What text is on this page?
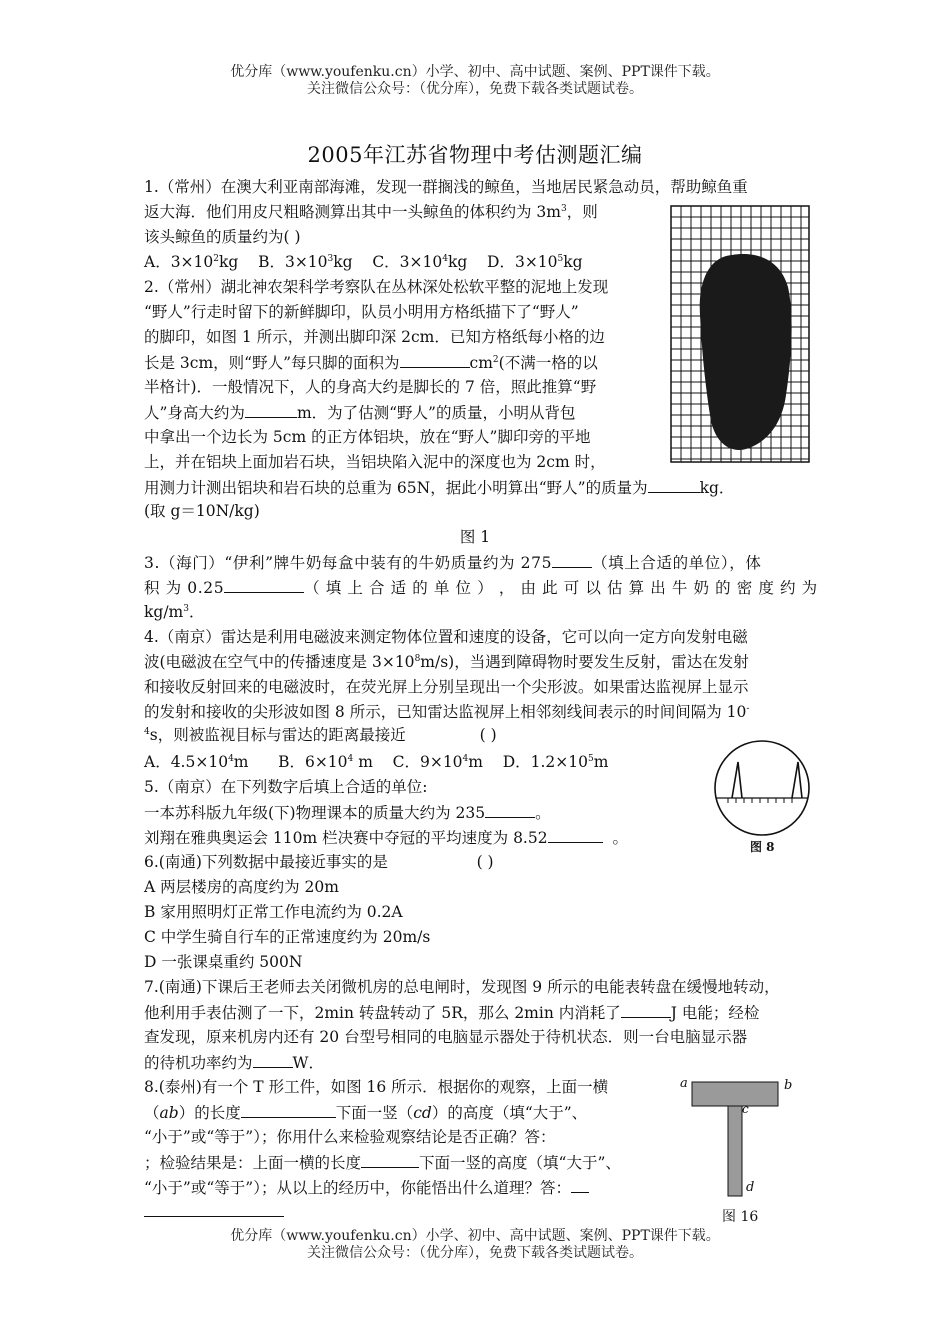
优分库（www.youfenku.cn）小学、初中、高中试题、案例、PPT课件下载。
关注微信公众号：（优分库），免费下载各类试题试卷。
2005年江苏省物理中考估测题汇编
1.（常州）在澳大利亚南部海滩，发现一群搁浅的鲸鱼，当地居民紧急动员，帮助鲸鱼重
返大海．他们用皮尺粗略测算出其中一头鲸鱼的体积约为 $3m^3$，则
该头鲸鱼的质量约为( )
A．$3\times 10^2kg$ B．$3\times 10^3kg$ C．$3\times 10^4kg$ D．$3\times 10^5kg$
2.（常州）湖北神农架科学考察队在丛林深处松软平整的泥地上发现
“野人”行走时留下的新鲜脚印，队员小明用方格纸描下了“野人”
的脚印，如图 1 所示，并测出脚印深 2cm．已知方格纸每小格的边
长是 3cm，则“野人”每只脚的面积为	$cm^2$(不满一格的以
半格计)．一般情况下，人的身高大约是脚长的 7 倍，照此推算“野
人”身高大约为	m．为了估测“野人”的质量，小明从背包
中拿出一个边长为 5cm 的正方体铝块，放在“野人”脚印旁的平地
上，并在铝块上面加岩石块，当铝块陷入泥中的深度也为 2cm 时，
用测力计测出铝块和岩石块的总重为 65N，据此小明算出“野人”的质量为	kg．
(取 g＝10N/kg)
图 1
3.（海门）“伊利”牌牛奶每盒中装有的牛奶质量约为 275	（填上合适的单位），体
积 为 0.25	（ 填 上 合 适 的 单 位 ） ， 由 此 可 以 估 算 出 牛 奶 的 密 度 约 为
$kg/m^3$．
4.（南京）雷达是利用电磁波来测定物体位置和速度的设备，它可以向一定方向发射电磁
波(电磁波在空气中的传播速度是 $3\times 10^8m/s$)，当遇到障碍物时要发生反射，雷达在发射
和接收反射回来的电磁波时，在荧光屏上分别呈现出一个尖形波。如果雷达监视屏上显示
的发射和接收的尖形波如图 8 所示，已知雷达监视屏上相邻刻线间表示的时间间隔为 10-
$^4$s，则被监视目标与雷达的距离最接近	( )
A．$4.5\times 10^4m$ B．$6\times 10^4$ m C．$9\times 10^4m$ D．$1.2\times 10^5m$
图 8
5.（南京）在下列数字后填上合适的单位:
一本苏科版九年级(下)物理课本的质量大约为 235	。
刘翔在雅典奥运会 110m 栏决赛中夺冠的平均速度为 8.52	。
6.(南通)下列数据中最接近事实的是	( )
A 两层楼房的高度约为 20m
B 家用照明灯正常工作电流约为 0.2A
C 中学生骑自行车的正常速度约为 20m/s
D 一张课桌重约 500N
7.(南通)下课后王老师去关闭微机房的总电闸时，发现图 9 所示的电能表转盘在缓慢地转动，
他利用手表估测了一下，2min 转盘转动了 5R，那么 2min 内消耗了	J 电能；经检
查发现，原来机房内还有 20 台型号相同的电脑显示器处于待机状态．则一台电脑显示器
的待机功率约为	W．
8.(泰州)有一个 T 形工件，如图 16 所示．根据你的观察，上面一横
（ab）的长度	下面一竖（cd）的高度（填“大于”、
“小于”或“等于”）；你用什么来检验观察结论是否正确？答：
；检验结果是：上面一横的长度	下面一竖的高度（填“大于”、
“小于”或“等于”）；从以上的经历中，你能悟出什么道理？答：
a	b
c
d
图 16
优分库（www.youfenku.cn）小学、初中、高中试题、案例、PPT课件下载。
关注微信公众号：（优分库），免费下载各类试题试卷。
